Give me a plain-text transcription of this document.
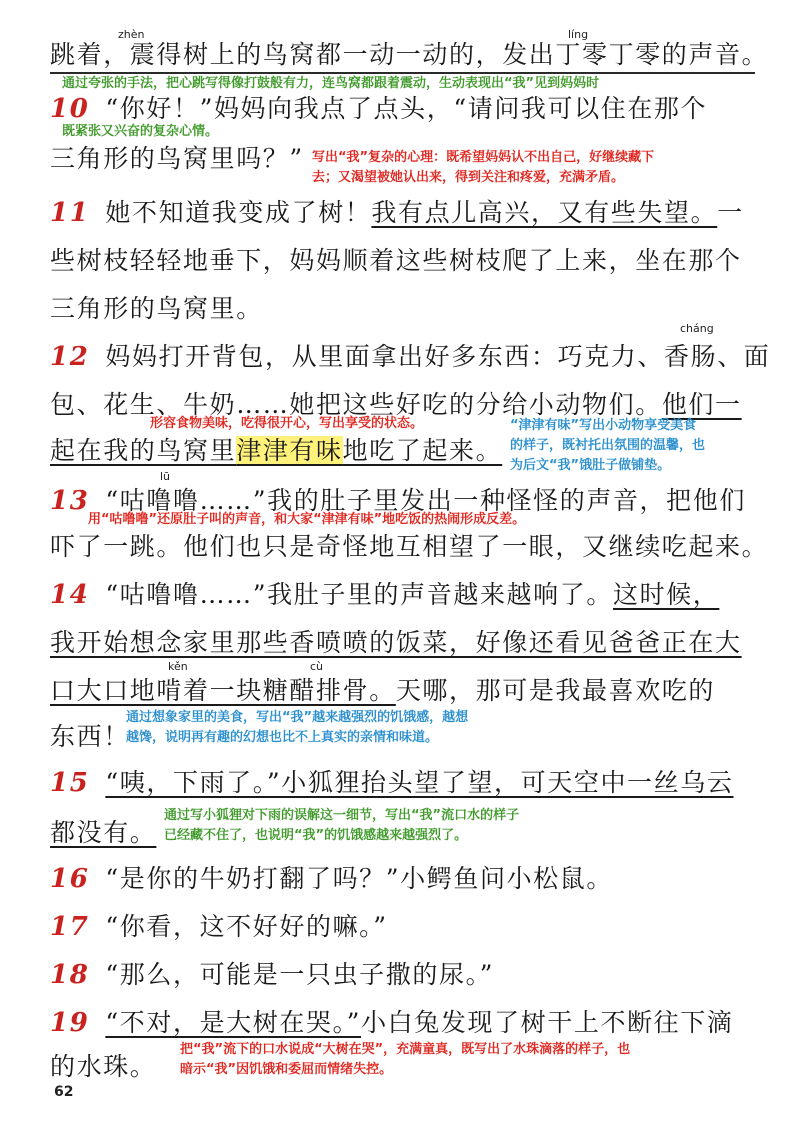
zhèn	líng
cháng
lū
kěn	cù
跳着，震得树上的鸟窝都一动一动的，发出丁零丁零的声音。
通过夸张的手法，把心跳写得像打鼓般有力，连鸟窝都跟着震动，生动表现出“我”见到妈妈时
10 “你好！”妈妈向我点了点头，“请问我可以住在那个
既紧张又兴奋的复杂心情。
三角形的鸟窝里吗？” 写出“我”复杂的心理：既希望妈妈认不出自己，好继续藏下
去；又渴望被她认出来，得到关注和疼爱，充满矛盾。
11 她不知道我变成了树！我有点儿高兴，又有些失望。一
些树枝轻轻地垂下，妈妈顺着这些树枝爬了上来，坐在那个
三角形的鸟窝里。
12 妈妈打开背包，从里面拿出好多东西：巧克力、香肠、面
包、花生、牛奶……她把这些好吃的分给小动物们。他们一
形容食物美味，吃得很开心，写出享受的状态。
起在我的鸟窝里津津有味地吃了起来。
“津津有味”写出小动物享受美食
的样子，既衬托出氛围的温馨，也
为后文“我”饿肚子做铺垫。
13 “咕噜噜……”我的肚子里发出一种怪怪的声音，把他们
用“咕噜噜”还原肚子叫的声音，和大家“津津有味”地吃饭的热闹形成反差。
吓了一跳。他们也只是奇怪地互相望了一眼，又继续吃起来。
14 “咕噜噜……”我肚子里的声音越来越响了。这时候，
我开始想念家里那些香喷喷的饭菜，好像还看见爸爸正在大
口大口地啃着一块糖醋排骨。天哪，那可是我最喜欢吃的
东西！
通过想象家里的美食，写出“我”越来越强烈的饥饿感，越想
越馋，说明再有趣的幻想也比不上真实的亲情和味道。
15 “咦，下雨了。”小狐狸抬头望了望，可天空中一丝乌云
都没有。
通过写小狐狸对下雨的误解这一细节，写出“我”流口水的样子
已经藏不住了，也说明“我”的饥饿感越来越强烈了。
16 “是你的牛奶打翻了吗？”小鳄鱼问小松鼠。
17 “你看，这不好好的嘛。”
18 “那么，可能是一只虫子撒的尿。”
19 “不对，是大树在哭。”小白兔发现了树干上不断往下滴
的水珠。
把“我”流下的口水说成“大树在哭”，充满童真，既写出了水珠滴落的样子，也
暗示“我”因饥饿和委屈而情绪失控。
62
